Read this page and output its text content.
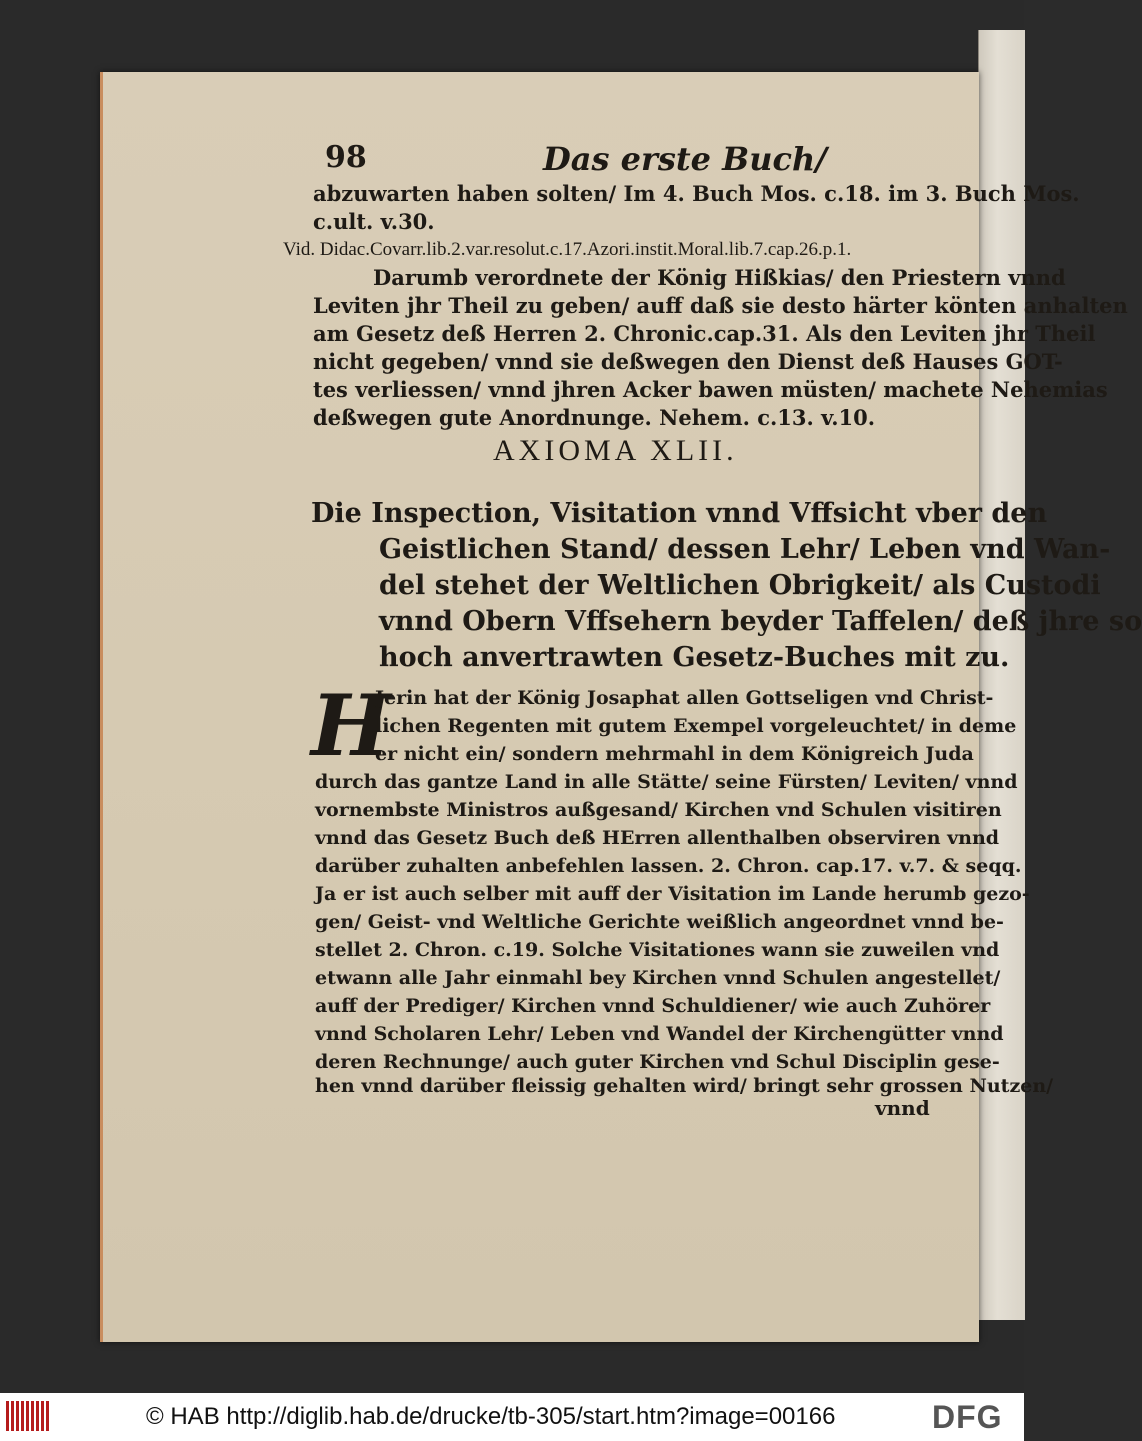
98	Das erste Buch/
abzuwarten haben solten/ Im 4. Buch Mos. c.18. im 3. Buch Mos.
c.ult. v.30.
Vid. Didac.Covarr.lib.2.var.resolut.c.17.Azori.instit.Moral.lib.7.cap.26.p.1.
Darumb verordnete der König Hißkias/ den Priestern vnnd
Leviten jhr Theil zu geben/ auff daß sie desto härter könten anhalten
am Gesetz deß Herren 2. Chronic.cap.31. Als den Leviten jhr Theil
nicht gegeben/ vnnd sie deßwegen den Dienst deß Hauses GOT-
tes verliessen/ vnnd jhren Acker bawen müsten/ machete Nehemias
deßwegen gute Anordnunge. Nehem. c.13. v.10.
AXIOMA XLII.
Die Inspection, Visitation vnnd Vffsicht vber den
Geistlichen Stand/ dessen Lehr/ Leben vnd Wan-
del stehet der Weltlichen Obrigkeit/ als Custodi
vnnd Obern Vffsehern beyder Taffelen/ deß jhre so
hoch anvertrawten Gesetz-Buches mit zu.
H
Jerin hat der König Josaphat allen Gottseligen vnd Christ-
lichen Regenten mit gutem Exempel vorgeleuchtet/ in deme
er nicht ein/ sondern mehrmahl in dem Königreich Juda
durch das gantze Land in alle Stätte/ seine Fürsten/ Leviten/ vnnd
vornembste Ministros außgesand/ Kirchen vnd Schulen visitiren
vnnd das Gesetz Buch deß HErren allenthalben observiren vnnd
darüber zuhalten anbefehlen lassen. 2. Chron. cap.17. v.7. & seqq.
Ja er ist auch selber mit auff der Visitation im Lande herumb gezo-
gen/ Geist- vnd Weltliche Gerichte weißlich angeordnet vnnd be-
stellet 2. Chron. c.19. Solche Visitationes wann sie zuweilen vnd
etwann alle Jahr einmahl bey Kirchen vnnd Schulen angestellet/
auff der Prediger/ Kirchen vnnd Schuldiener/ wie auch Zuhörer
vnnd Scholaren Lehr/ Leben vnd Wandel der Kirchengütter vnnd
deren Rechnunge/ auch guter Kirchen vnd Schul Disciplin gese-
hen vnnd darüber fleissig gehalten wird/ bringt sehr grossen Nutzen/
vnnd
© HAB http://diglib.hab.de/drucke/tb-305/start.htm?image=00166	DFG
